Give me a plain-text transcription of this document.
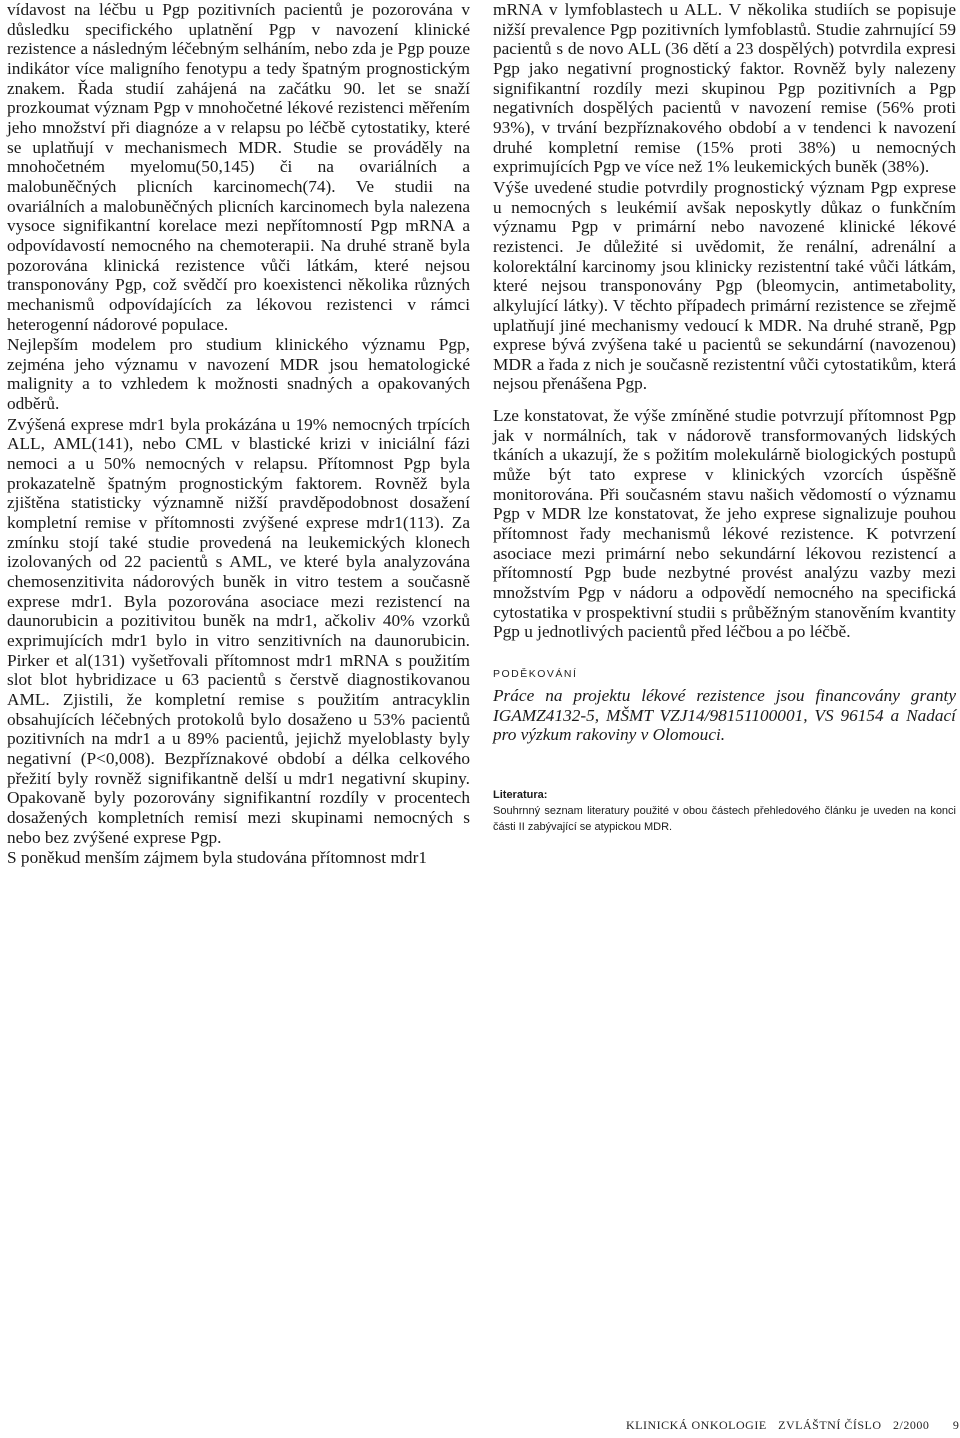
vídavost na léčbu u Pgp pozitivních pacientů je pozorována v důsledku specifického uplatnění Pgp v navození klinické rezistence a následným léčebným selháním, nebo zda je Pgp pouze indikátor více maligního fenotypu a tedy špatným prognostickým znakem. Řada studií zahájená na začátku 90. let se snaží prozkoumat význam Pgp v mnohočetné lékové rezistenci měřením jeho množství při diagnóze a v relapsu po léčbě cytostatiky, které se uplatňují v mechanismech MDR. Studie se prováděly na mnohočetném myelomu(50,145) či na ovariálních a malobuněčných plicních karcinomech(74). Ve studii na ovariálních a malobuněčných plicních karcinomech byla nalezena vysoce signifikantní korelace mezi nepřítomností Pgp mRNA a odpovídavostí nemocného na chemoterapii. Na druhé straně byla pozorována klinická rezistence vůči látkám, které nejsou transponovány Pgp, což svědčí pro koexistenci několika různých mechanismů odpovídajících za lékovou rezistenci v rámci heterogenní nádorové populace.

Nejlepším modelem pro studium klinického významu Pgp, zejména jeho významu v navození MDR jsou hematologické malignity a to vzhledem k možnosti snadných a opakovaných odběrů.

Zvýšená exprese mdr1 byla prokázána u 19% nemocných trpících ALL, AML(141), nebo CML v blastické krizi v iniciální fázi nemoci a u 50% nemocných v relapsu. Přítomnost Pgp byla prokazatelně špatným prognostickým faktorem. Rovněž byla zjištěna statisticky významně nižší pravděpodobnost dosažení kompletní remise v přítomnosti zvýšené exprese mdr1(113). Za zmínku stojí také studie provedená na leukemických klonech izolovaných od 22 pacientů s AML, ve které byla analyzována chemosenzitivita nádorových buněk in vitro testem a současně exprese mdr1. Byla pozorována asociace mezi rezistencí na daunorubicin a pozitivitou buněk na mdr1, ačkoliv 40% vzorků exprimujících mdr1 bylo in vitro senzitivních na daunorubicin. Pirker et al(131) vyšetřovali přítomnost mdr1 mRNA s použitím slot blot hybridizace u 63 pacientů s čerstvě diagnostikovanou AML. Zjistili, že kompletní remise s použitím antracyklin obsahujících léčebných protokolů bylo dosaženo u 53% pacientů pozitivních na mdr1 a u 89% pacientů, jejichž myeloblasty byly negativní (P<0,008). Bezpříznakové období a délka celkového přežití byly rovněž signifikantně delší u mdr1 negativní skupiny. Opakovaně byly pozorovány signifikantní rozdíly v procentech dosažených kompletních remisí mezi skupinami nemocných s nebo bez zvýšené exprese Pgp.

S poněkud menším zájmem byla studována přítomnost mdr1

mRNA v lymfoblastech u ALL. V několika studiích se popisuje nižší prevalence Pgp pozitivních lymfoblastů. Studie zahrnující 59 pacientů s de novo ALL (36 dětí a 23 dospělých) potvrdila expresi Pgp jako negativní prognostický faktor. Rovněž byly nalezeny signifikantní rozdíly mezi skupinou Pgp pozitivních a Pgp negativních dospělých pacientů v navození remise (56% proti 93%), v trvání bezpříznakového období a v tendenci k navození druhé kompletní remise (15% proti 38%) u nemocných exprimujících Pgp ve více než 1% leukemických buněk (38%).

Výše uvedené studie potvrdily prognostický význam Pgp exprese u nemocných s leukémií avšak neposkytly důkaz o funkčním významu Pgp v primární nebo navozené klinické lékové rezistenci. Je důležité si uvědomit, že renální, adrenální a kolorektální karcinomy jsou klinicky rezistentní také vůči látkám, které nejsou transponovány Pgp (bleomycin, antimetabolity, alkylující látky). V těchto případech primární rezistence se zřejmě uplatňují jiné mechanismy vedoucí k MDR. Na druhé straně, Pgp exprese bývá zvýšena také u pacientů se sekundární (navozenou) MDR a řada z nich je současně rezistentní vůči cytostatikům, která nejsou přenášena Pgp.

Lze konstatovat, že výše zmíněné studie potvrzují přítomnost Pgp jak v normálních, tak v nádorově transformovaných lidských tkáních a ukazují, že s požitím molekulárně biologických postupů může být tato exprese v klinických vzorcích úspěšně monitorována. Při současném stavu našich vědomostí o významu Pgp v MDR lze konstatovat, že jeho exprese signalizuje pouhou přítomnost řady mechanismů lékové rezistence. K potvrzení asociace mezi primární nebo sekundární lékovou rezistencí a přítomností Pgp bude nezbytné provést analýzu vazby mezi množstvím Pgp v nádoru a odpovědí nemocného na specifická cytostatika v prospektivní studii s průběžným stanověním kvantity Pgp u jednotlivých pacientů před léčbou a po léčbě.

PODĚKOVÁNÍ

Práce na projektu lékové rezistence jsou financovány granty IGAMZ4132-5, MŠMT VZJ14/98151100001, VS 96154 a Nadací pro výzkum rakoviny v Olomouci.

Literatura:

Souhrnný seznam literatury použité v obou částech přehledového článku je uveden na konci části II zabývající se atypickou MDR.

KLINICKÁ ONKOLOGIE ZVLÁŠTNÍ ČÍSLO 2/2000 9
